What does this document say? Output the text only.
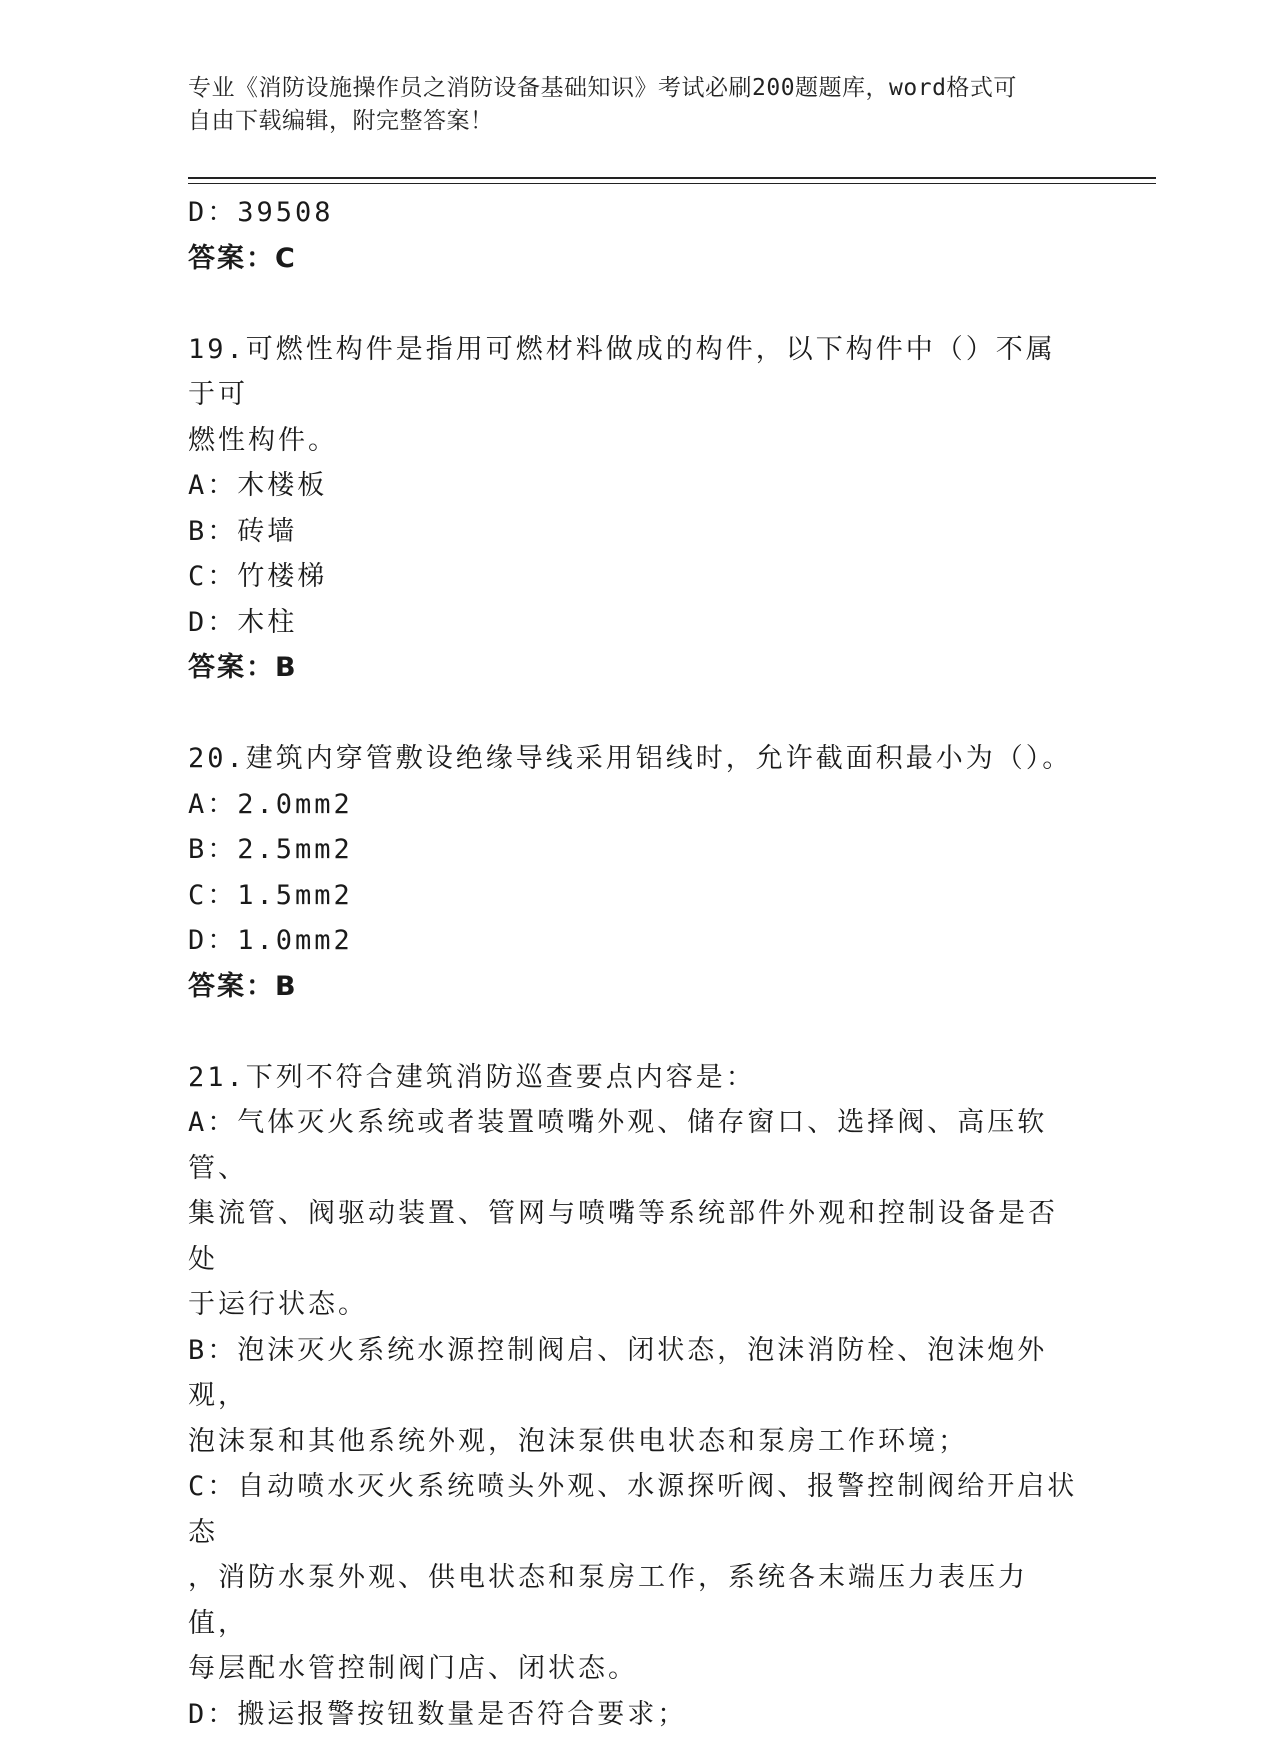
专业《消防设施操作员之消防设备基础知识》考试必刷200题题库，word格式可
自由下载编辑，附完整答案！
D：39508
答案：C
19.可燃性构件是指用可燃材料做成的构件，以下构件中（）不属于可
燃性构件。
A：木楼板
B：砖墙
C：竹楼梯
D：木柱
答案：B
20.建筑内穿管敷设绝缘导线采用铝线时，允许截面积最小为（）。
A：2.0mm2
B：2.5mm2
C：1.5mm2
D：1.0mm2
答案：B
21.下列不符合建筑消防巡查要点内容是：
A：气体灭火系统或者装置喷嘴外观、储存窗口、选择阀、高压软管、
集流管、阀驱动装置、管网与喷嘴等系统部件外观和控制设备是否处
于运行状态。
B：泡沫灭火系统水源控制阀启、闭状态，泡沫消防栓、泡沫炮外观，
泡沫泵和其他系统外观，泡沫泵供电状态和泵房工作环境；
C：自动喷水灭火系统喷头外观、水源探听阀、报警控制阀给开启状态
，消防水泵外观、供电状态和泵房工作，系统各末端压力表压力值，
每层配水管控制阀门店、闭状态。
D：搬运报警按钮数量是否符合要求；
